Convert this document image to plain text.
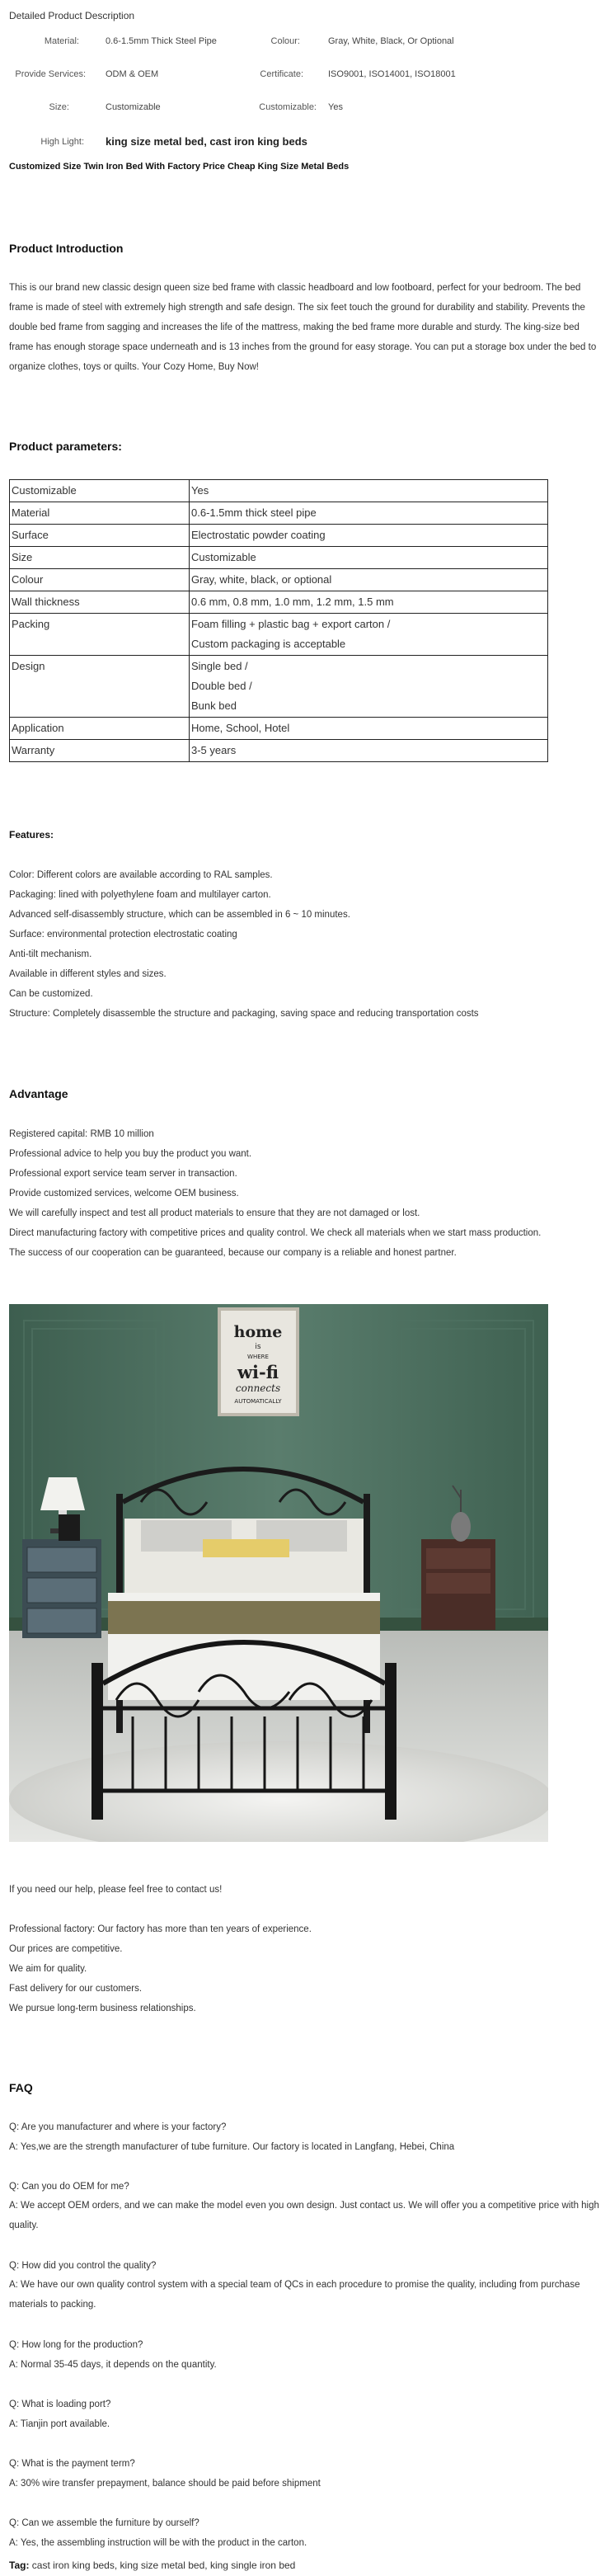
Detailed Product Description
Material:	0.6-1.5mm Thick Steel Pipe	Colour:	Gray, White, Black, Or Optional
Provide Services: ODM & OEM	Certificate:	ISO9001, ISO14001, ISO18001
Size:	Customizable	Customizable: Yes
High Light: king size metal bed, cast iron king beds
Customized Size Twin Iron Bed With Factory Price Cheap King Size Metal Beds
Product Introduction
This is our brand new classic design queen size bed frame with classic headboard and low footboard, perfect for your bedroom. The bed frame is made of steel with extremely high strength and safe design. The six feet touch the ground for durability and stability. Prevents the double bed frame from sagging and increases the life of the mattress, making the bed frame more durable and sturdy. The king-size bed frame has enough storage space underneath and is 13 inches from the ground for easy storage. You can put a storage box under the bed to organize clothes, toys or quilts. Your Cozy Home, Buy Now!
Product parameters:
Customizable	Yes
Material	0.6-1.5mm thick steel pipe
Surface	Electrostatic powder coating
Size	Customizable
Colour	Gray, white, black, or optional
Wall thickness	0.6 mm, 0.8 mm, 1.0 mm, 1.2 mm, 1.5 mm
Packing	Foam filling + plastic bag + export carton /
Custom packaging is acceptable

Design	Single bed /
Double bed /
Bunk bed

Application	Home, School, Hotel
Warranty	3-5 years
Features:
Color: Different colors are available according to RAL samples.
Packaging: lined with polyethylene foam and multilayer carton.
Advanced self-disassembly structure, which can be assembled in 6 ~ 10 minutes.
Surface: environmental protection electrostatic coating
Anti-tilt mechanism.
Available in different styles and sizes.
Can be customized.
Structure: Completely disassemble the structure and packaging, saving space and reducing transportation costs
Advantage
Registered capital: RMB 10 million
Professional advice to help you buy the product you want.
Professional export service team server in transaction.
Provide customized services, welcome OEM business.
We will carefully inspect and test all product materials to ensure that they are not damaged or lost.
Direct manufacturing factory with competitive prices and quality control. We check all materials when we start mass production.
The success of our cooperation can be guaranteed, because our company is a reliable and honest partner.
home
is
WHERE
wi-fi
connects
AUTOMATICALLY
If you need our help, please feel free to contact us!
Professional factory: Our factory has more than ten years of experience.
Our prices are competitive.
We aim for quality.
Fast delivery for our customers.
We pursue long-term business relationships.
FAQ
Q: Are you manufacturer and where is your factory?
A: Yes,we are the strength manufacturer of tube furniture. Our factory is located in Langfang, Hebei, China
Q: Can you do OEM for me?
A: We accept OEM orders, and we can make the model even you own design. Just contact us. We will offer you a competitive price with high quality.
Q: How did you control the quality?
A: We have our own quality control system with a special team of QCs in each procedure to promise the quality, including from purchase materials to packing.
Q: How long for the production?
A: Normal 35-45 days, it depends on the quantity.
Q: What is loading port?
A: Tianjin port available.
Q: What is the payment term?
A: 30% wire transfer prepayment, balance should be paid before shipment
Q: Can we assemble the furniture by ourself?
A: Yes, the assembling instruction will be with the product in the carton.
Tag: cast iron king beds, king size metal bed, king single iron bed
